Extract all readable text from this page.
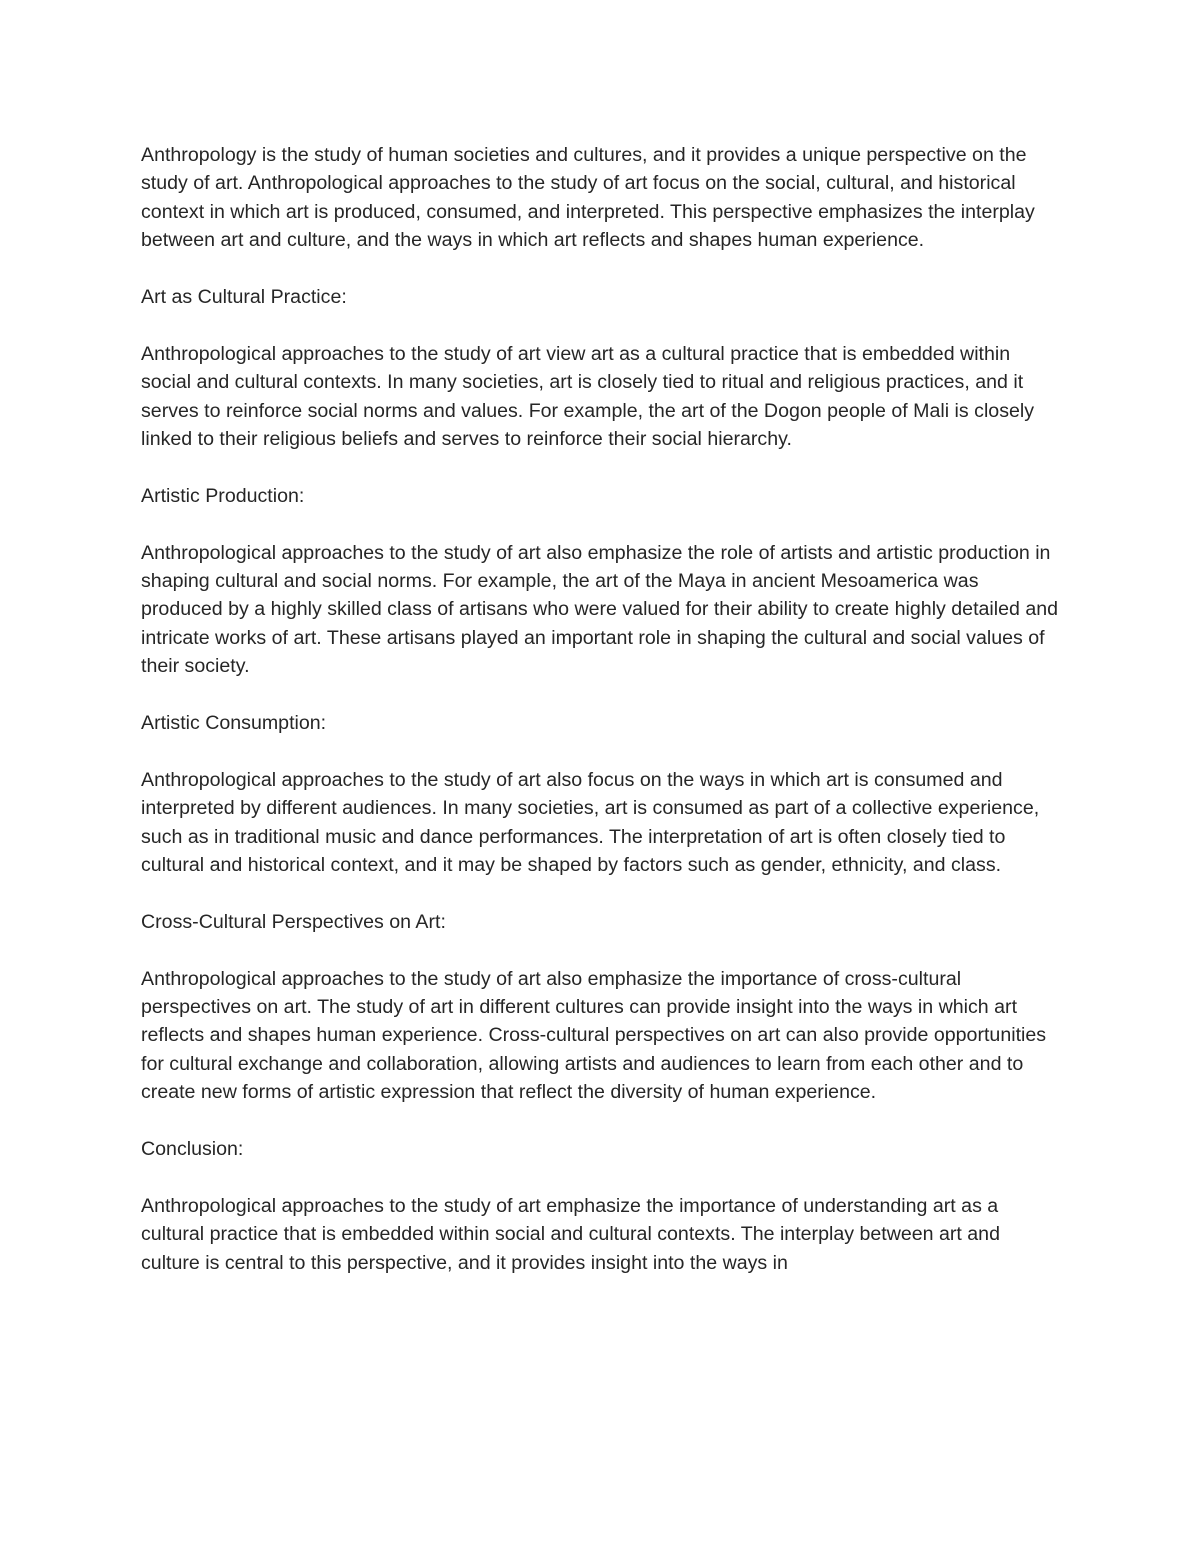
Anthropology is the study of human societies and cultures, and it provides a unique perspective on the study of art. Anthropological approaches to the study of art focus on the social, cultural, and historical context in which art is produced, consumed, and interpreted. This perspective emphasizes the interplay between art and culture, and the ways in which art reflects and shapes human experience.

Art as Cultural Practice:

Anthropological approaches to the study of art view art as a cultural practice that is embedded within social and cultural contexts. In many societies, art is closely tied to ritual and religious practices, and it serves to reinforce social norms and values. For example, the art of the Dogon people of Mali is closely linked to their religious beliefs and serves to reinforce their social hierarchy.

Artistic Production:

Anthropological approaches to the study of art also emphasize the role of artists and artistic production in shaping cultural and social norms. For example, the art of the Maya in ancient Mesoamerica was produced by a highly skilled class of artisans who were valued for their ability to create highly detailed and intricate works of art. These artisans played an important role in shaping the cultural and social values of their society.

Artistic Consumption:

Anthropological approaches to the study of art also focus on the ways in which art is consumed and interpreted by different audiences. In many societies, art is consumed as part of a collective experience, such as in traditional music and dance performances. The interpretation of art is often closely tied to cultural and historical context, and it may be shaped by factors such as gender, ethnicity, and class.

Cross-Cultural Perspectives on Art:

Anthropological approaches to the study of art also emphasize the importance of cross-cultural perspectives on art. The study of art in different cultures can provide insight into the ways in which art reflects and shapes human experience. Cross-cultural perspectives on art can also provide opportunities for cultural exchange and collaboration, allowing artists and audiences to learn from each other and to create new forms of artistic expression that reflect the diversity of human experience.

Conclusion:

Anthropological approaches to the study of art emphasize the importance of understanding art as a cultural practice that is embedded within social and cultural contexts. The interplay between art and culture is central to this perspective, and it provides insight into the ways in
